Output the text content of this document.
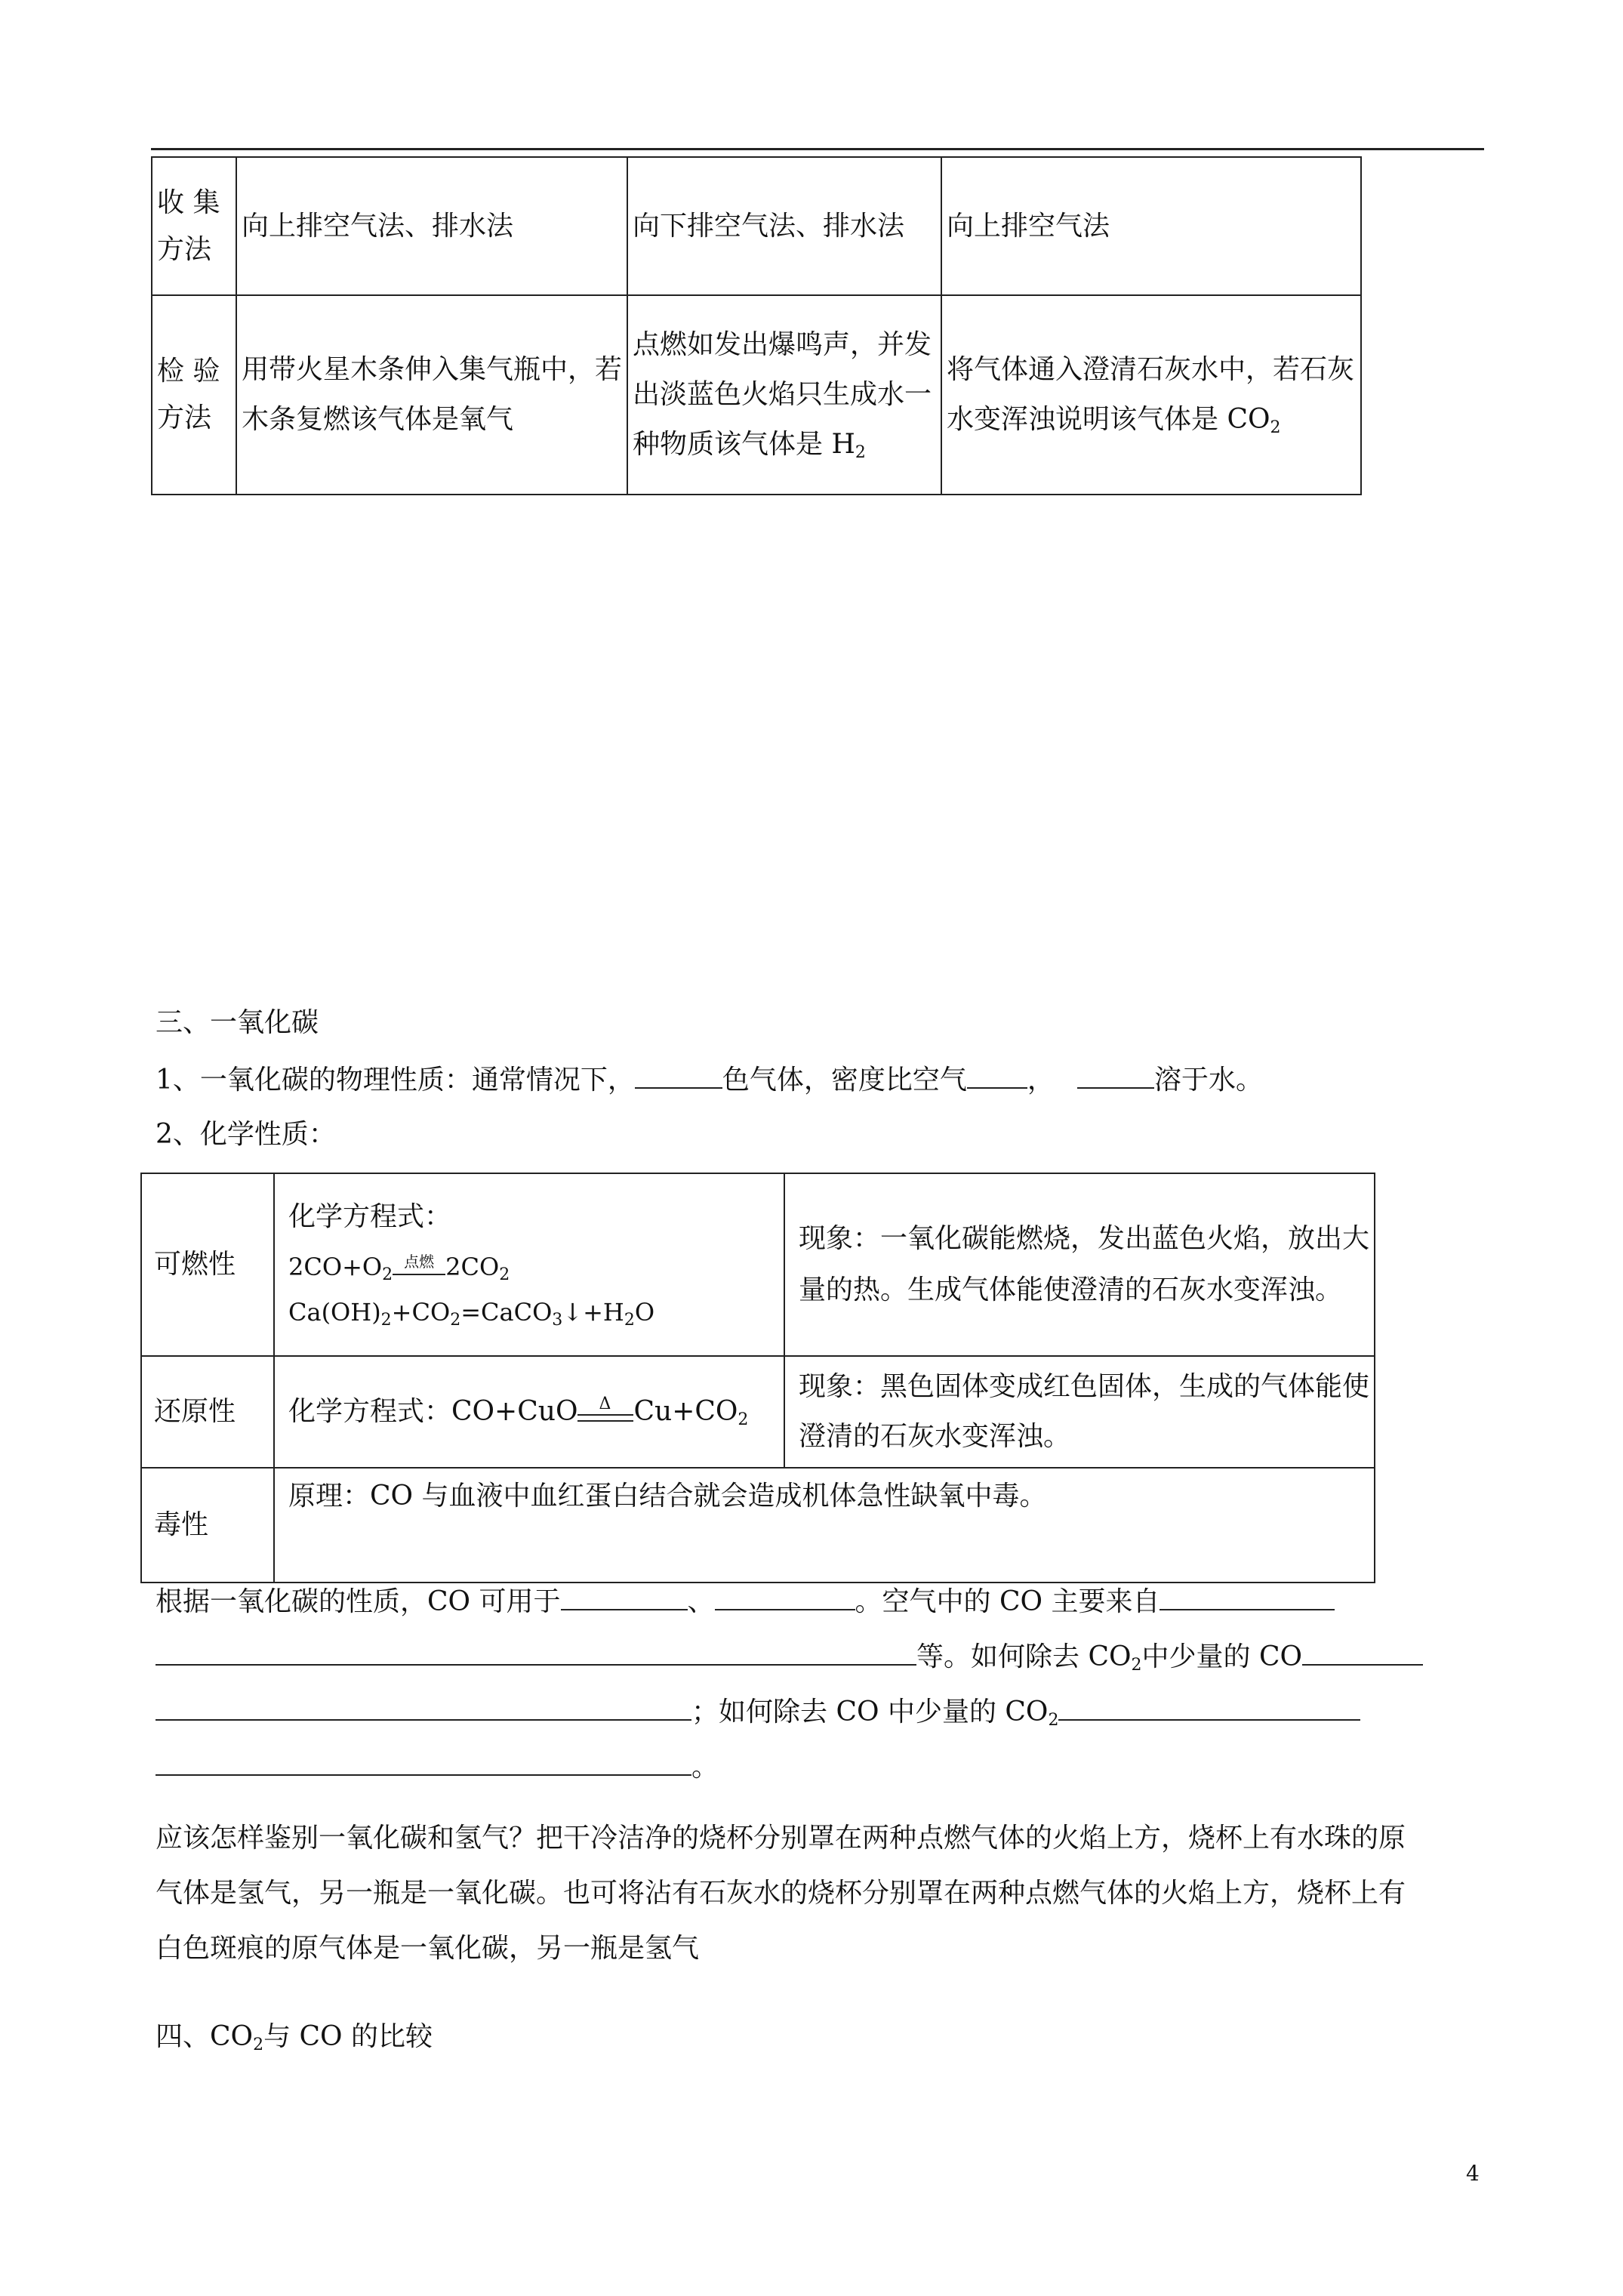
收 集 方法	向上排空气法、排水法	向下排空气法、排水法	向上排空气法
检 验 方法	用带火星木条伸入集气瓶中，若木条复燃该气体是氧气	点燃如发出爆鸣声，并发出淡蓝色火焰只生成水一种物质该气体是 $H_2$	将气体通入澄清石灰水中，若石灰水变浑浊说明该气体是 $CO_2$
三、一氧化碳
1、一氧化碳的物理性质：通常情况下，	色气体，密度比空气 ，	溶于水。
2、化学性质：
可燃性	化学方程式：
$2CO+O_2$
点燃 $2CO_2$
$Ca(OH)_2+CO_2=CaCO_3↓+H_2O$	现象：一氧化碳能燃烧，发出蓝色火焰，放出大量的热。生成气体能使澄清的石灰水变浑浊。
还原性	化学方程式：CO+CuO Δ $Cu+CO_2$	现象：黑色固体变成红色固体，生成的气体能使澄清的石灰水变浑浊。
毒性	原理：CO 与血液中血红蛋白结合就会造成机体急性缺氧中毒。	
根据一氧化碳的性质，CO 可用于	、	。空气中的 CO 主要来自
等。如何除去 $CO_2$中少量的 CO
；如何除去 CO 中少量的 $CO_2$
。
应该怎样鉴别一氧化碳和氢气？把干冷洁净的烧杯分别罩在两种点燃气体的火焰上方，烧杯上有水珠的原
气体是氢气，另一瓶是一氧化碳。也可将沾有石灰水的烧杯分别罩在两种点燃气体的火焰上方，烧杯上有
白色斑痕的原气体是一氧化碳，另一瓶是氢气
四、$CO_2$与 CO 的比较
4
